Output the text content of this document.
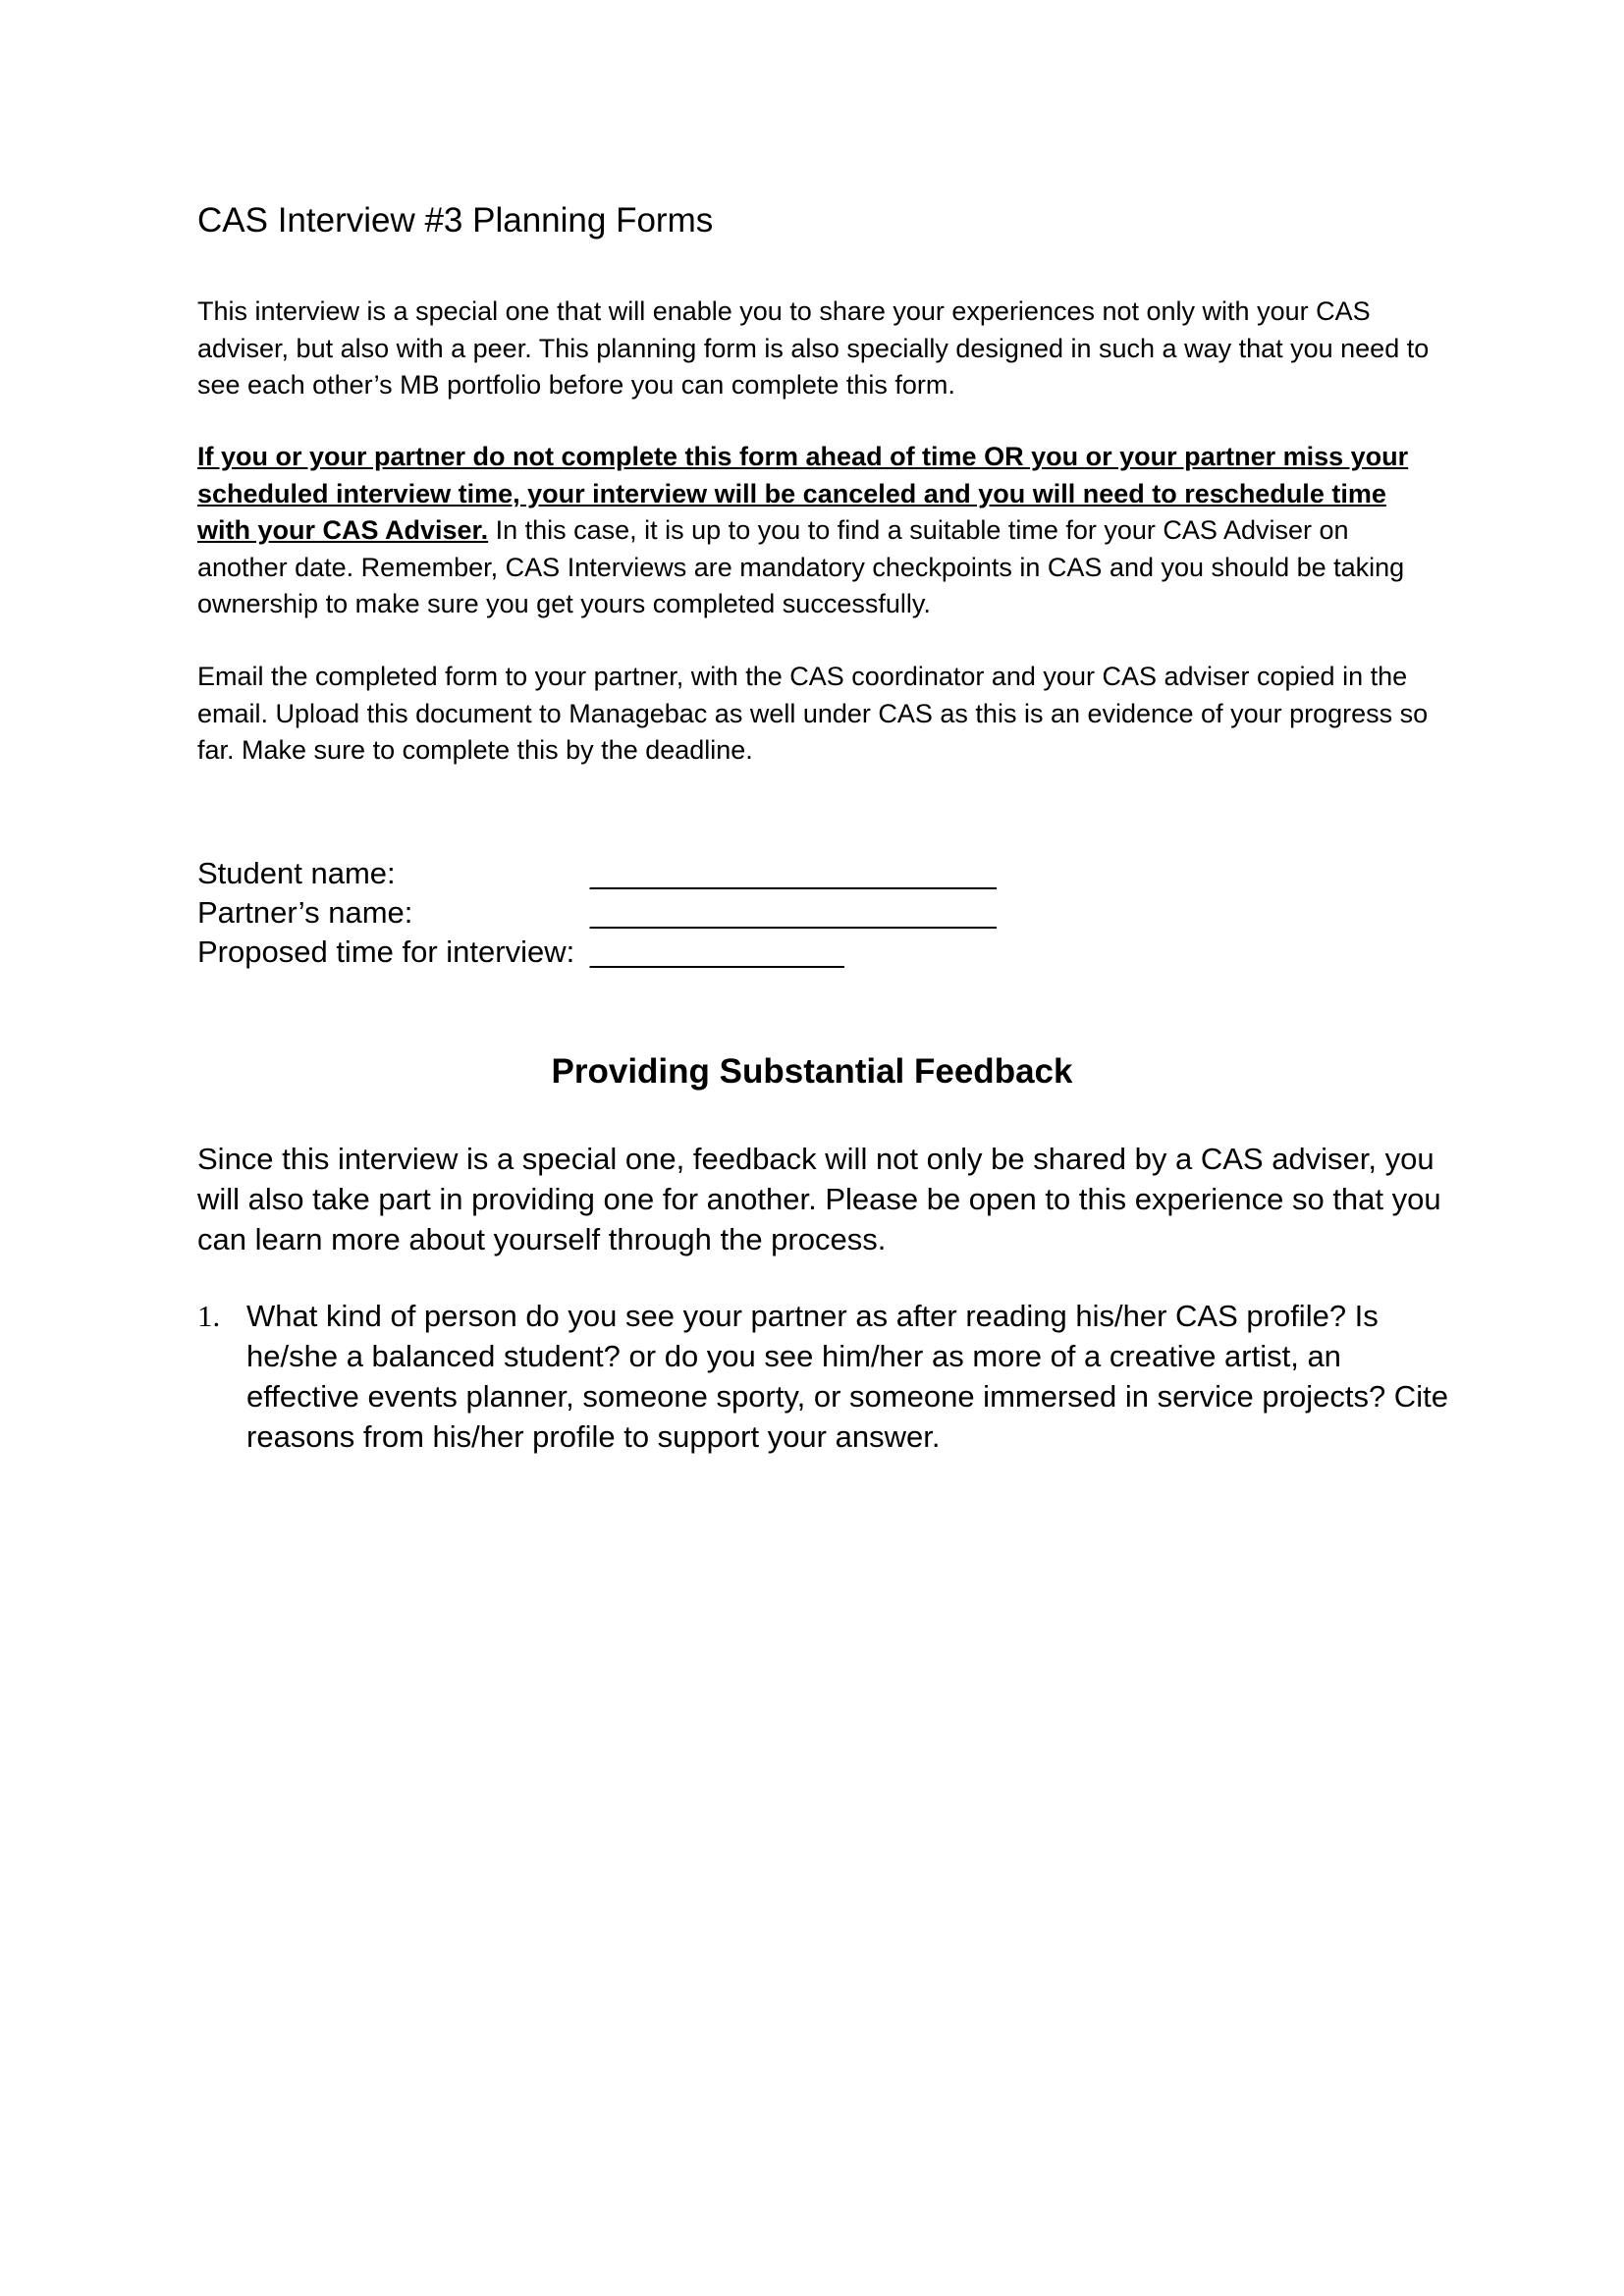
CAS Interview #3 Planning Forms

This interview is a special one that will enable you to share your experiences not only with your CAS adviser, but also with a peer. This planning form is also specially designed in such a way that you need to see each other’s MB portfolio before you can complete this form.

If you or your partner do not complete this form ahead of time OR you or your partner miss your scheduled interview time, your interview will be canceled and you will need to reschedule time with your CAS Adviser. In this case, it is up to you to find a suitable time for your CAS Adviser on another date. Remember, CAS Interviews are mandatory checkpoints in CAS and you should be taking ownership to make sure you get yours completed successfully.

Email the completed form to your partner, with the CAS coordinator and your CAS adviser copied in the email. Upload this document to Managebac as well under CAS as this is an evidence of your progress so far. Make sure to complete this by the deadline.

Student name:	________________________
Partner’s name:	________________________
Proposed time for interview: _______________
Providing Substantial Feedback

Since this interview is a special one, feedback will not only be shared by a CAS adviser, you will also take part in providing one for another. Please be open to this experience so that you can learn more about yourself through the process.

1. What kind of person do you see your partner as after reading his/her CAS profile? Is he/she a balanced student? or do you see him/her as more of a creative artist, an effective events planner, someone sporty, or someone immersed in service projects? Cite reasons from his/her profile to support your answer.
